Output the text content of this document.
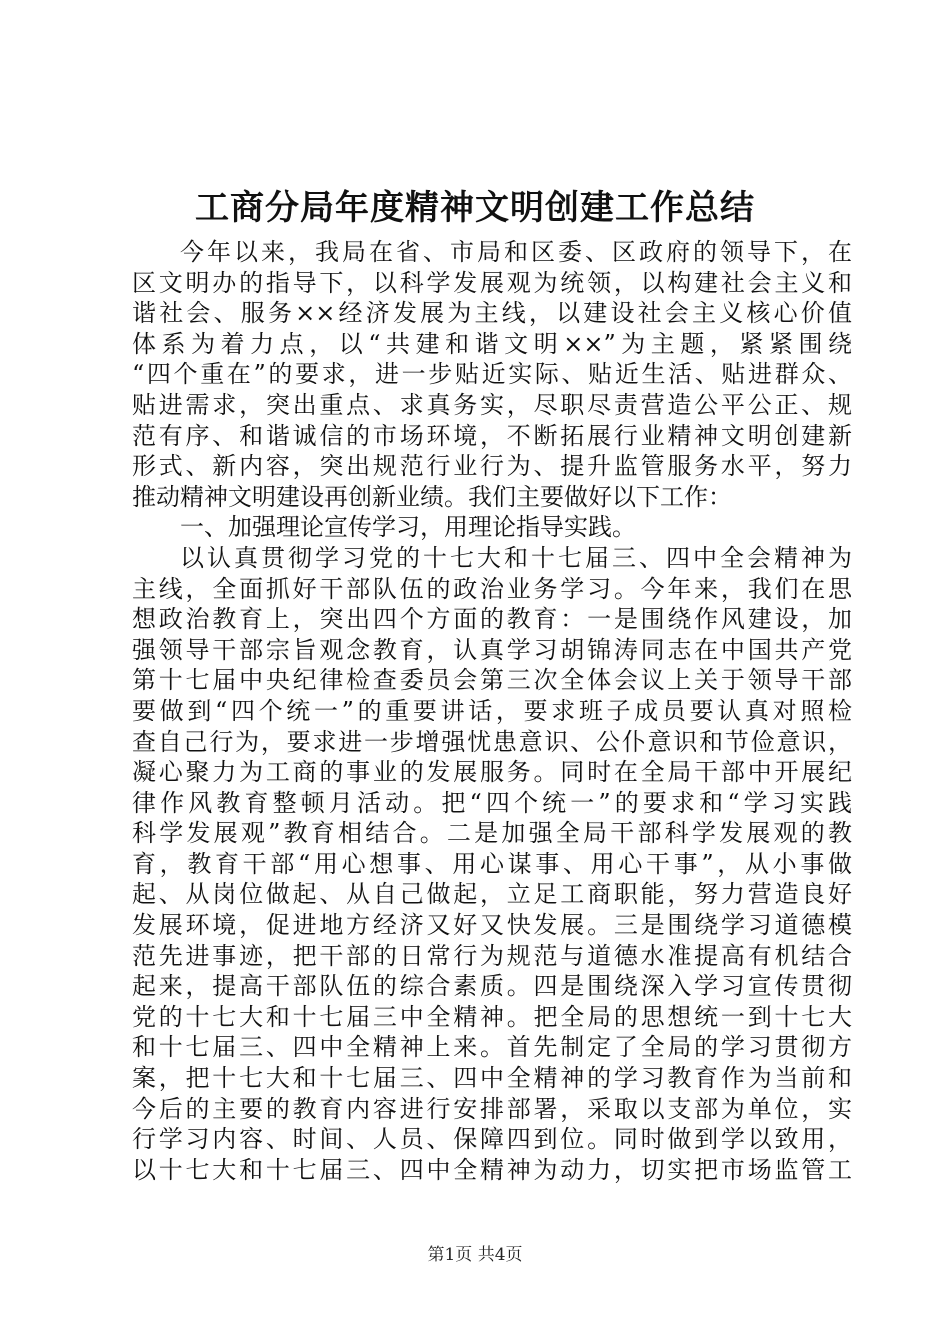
工商分局年度精神文明创建工作总结
今年以来，我局在省、市局和区委、区政府的领导下，在
区文明办的指导下，以科学发展观为统领，以构建社会主义和
谐社会、服务××经济发展为主线，以建设社会主义核心价值
体系为着力点，以“共建和谐文明××”为主题，紧紧围绕
“四个重在”的要求，进一步贴近实际、贴近生活、贴进群众、
贴进需求，突出重点、求真务实，尽职尽责营造公平公正、规
范有序、和谐诚信的市场环境，不断拓展行业精神文明创建新
形式、新内容，突出规范行业行为、提升监管服务水平，努力
推动精神文明建设再创新业绩。我们主要做好以下工作：
一、加强理论宣传学习，用理论指导实践。
以认真贯彻学习党的十七大和十七届三、四中全会精神为
主线，全面抓好干部队伍的政治业务学习。今年来，我们在思
想政治教育上，突出四个方面的教育：一是围绕作风建设，加
强领导干部宗旨观念教育，认真学习胡锦涛同志在中国共产党
第十七届中央纪律检查委员会第三次全体会议上关于领导干部
要做到“四个统一”的重要讲话，要求班子成员要认真对照检
查自己行为，要求进一步增强忧患意识、公仆意识和节俭意识，
凝心聚力为工商的事业的发展服务。同时在全局干部中开展纪
律作风教育整顿月活动。把“四个统一”的要求和“学习实践
科学发展观”教育相结合。二是加强全局干部科学发展观的教
育，教育干部“用心想事、用心谋事、用心干事”，从小事做
起、从岗位做起、从自己做起，立足工商职能，努力营造良好
发展环境，促进地方经济又好又快发展。三是围绕学习道德模
范先进事迹，把干部的日常行为规范与道德水准提高有机结合
起来，提高干部队伍的综合素质。四是围绕深入学习宣传贯彻
党的十七大和十七届三中全精神。把全局的思想统一到十七大
和十七届三、四中全精神上来。首先制定了全局的学习贯彻方
案，把十七大和十七届三、四中全精神的学习教育作为当前和
今后的主要的教育内容进行安排部署，采取以支部为单位，实
行学习内容、时间、人员、保障四到位。同时做到学以致用，
以十七大和十七届三、四中全精神为动力，切实把市场监管工
第1页 共4页
